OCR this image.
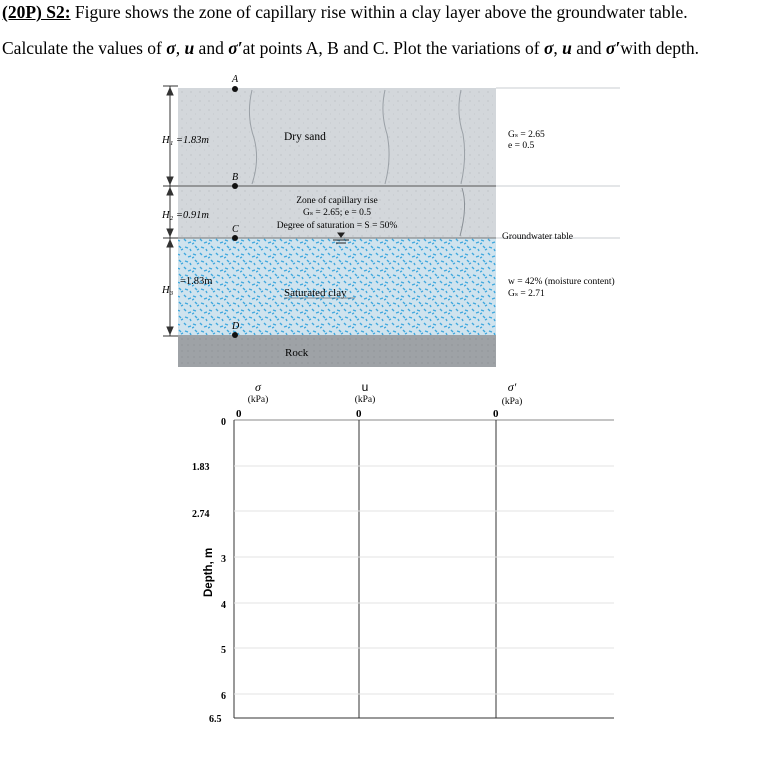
(20P) S2: Figure shows the zone of capillary rise within a clay layer above the groundwater table.
Calculate the values of σ, u and σ′at points A, B and C. Plot the variations of σ, u and σ′with depth.
A
B
C
D
H₁ =1.83m
H₂ =0.91m
H₃
=1.83m
Dry sand	Gₛ = 2.65
e = 0.5
Zone of capillary rise
Gₛ = 2.65; e = 0.5
Degree of saturation = S = 50%
Groundwater table
Saturated clay
w = 42% (moisture content)
Gₛ = 2.71
Rock
σ
(kPa)
u
(kPa)
σ′
(kPa)
0	0	0
0
1.83
2.74
3
4
5
6
6.5
Depth, m
